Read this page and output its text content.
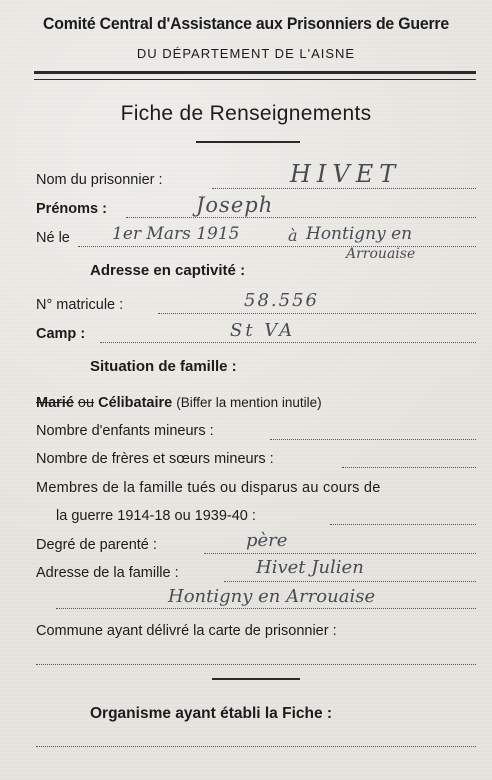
Comité Central d'Assistance aux Prisonniers de Guerre
DU DÉPARTEMENT DE L'AISNE
Fiche de Renseignements
Nom du prisonnier :	HIVET
Prénoms :	Joseph
Né le 1er Mars 1915	à Hontigny en
Arrouaise
Adresse en captivité :
N° matricule :	58.556
Camp :	St VA
Situation de famille :
Marié ou Célibataire (Biffer la mention inutile)
Nombre d'enfants mineurs :
Nombre de frères et sœurs mineurs :
Membres de la famille tués ou disparus au cours de
la guerre 1914-18 ou 1939-40 :
Degré de parenté :	père
Adresse de la famille :	Hivet Julien
Hontigny en Arrouaise
Commune ayant délivré la carte de prisonnier :
Organisme ayant établi la Fiche :
